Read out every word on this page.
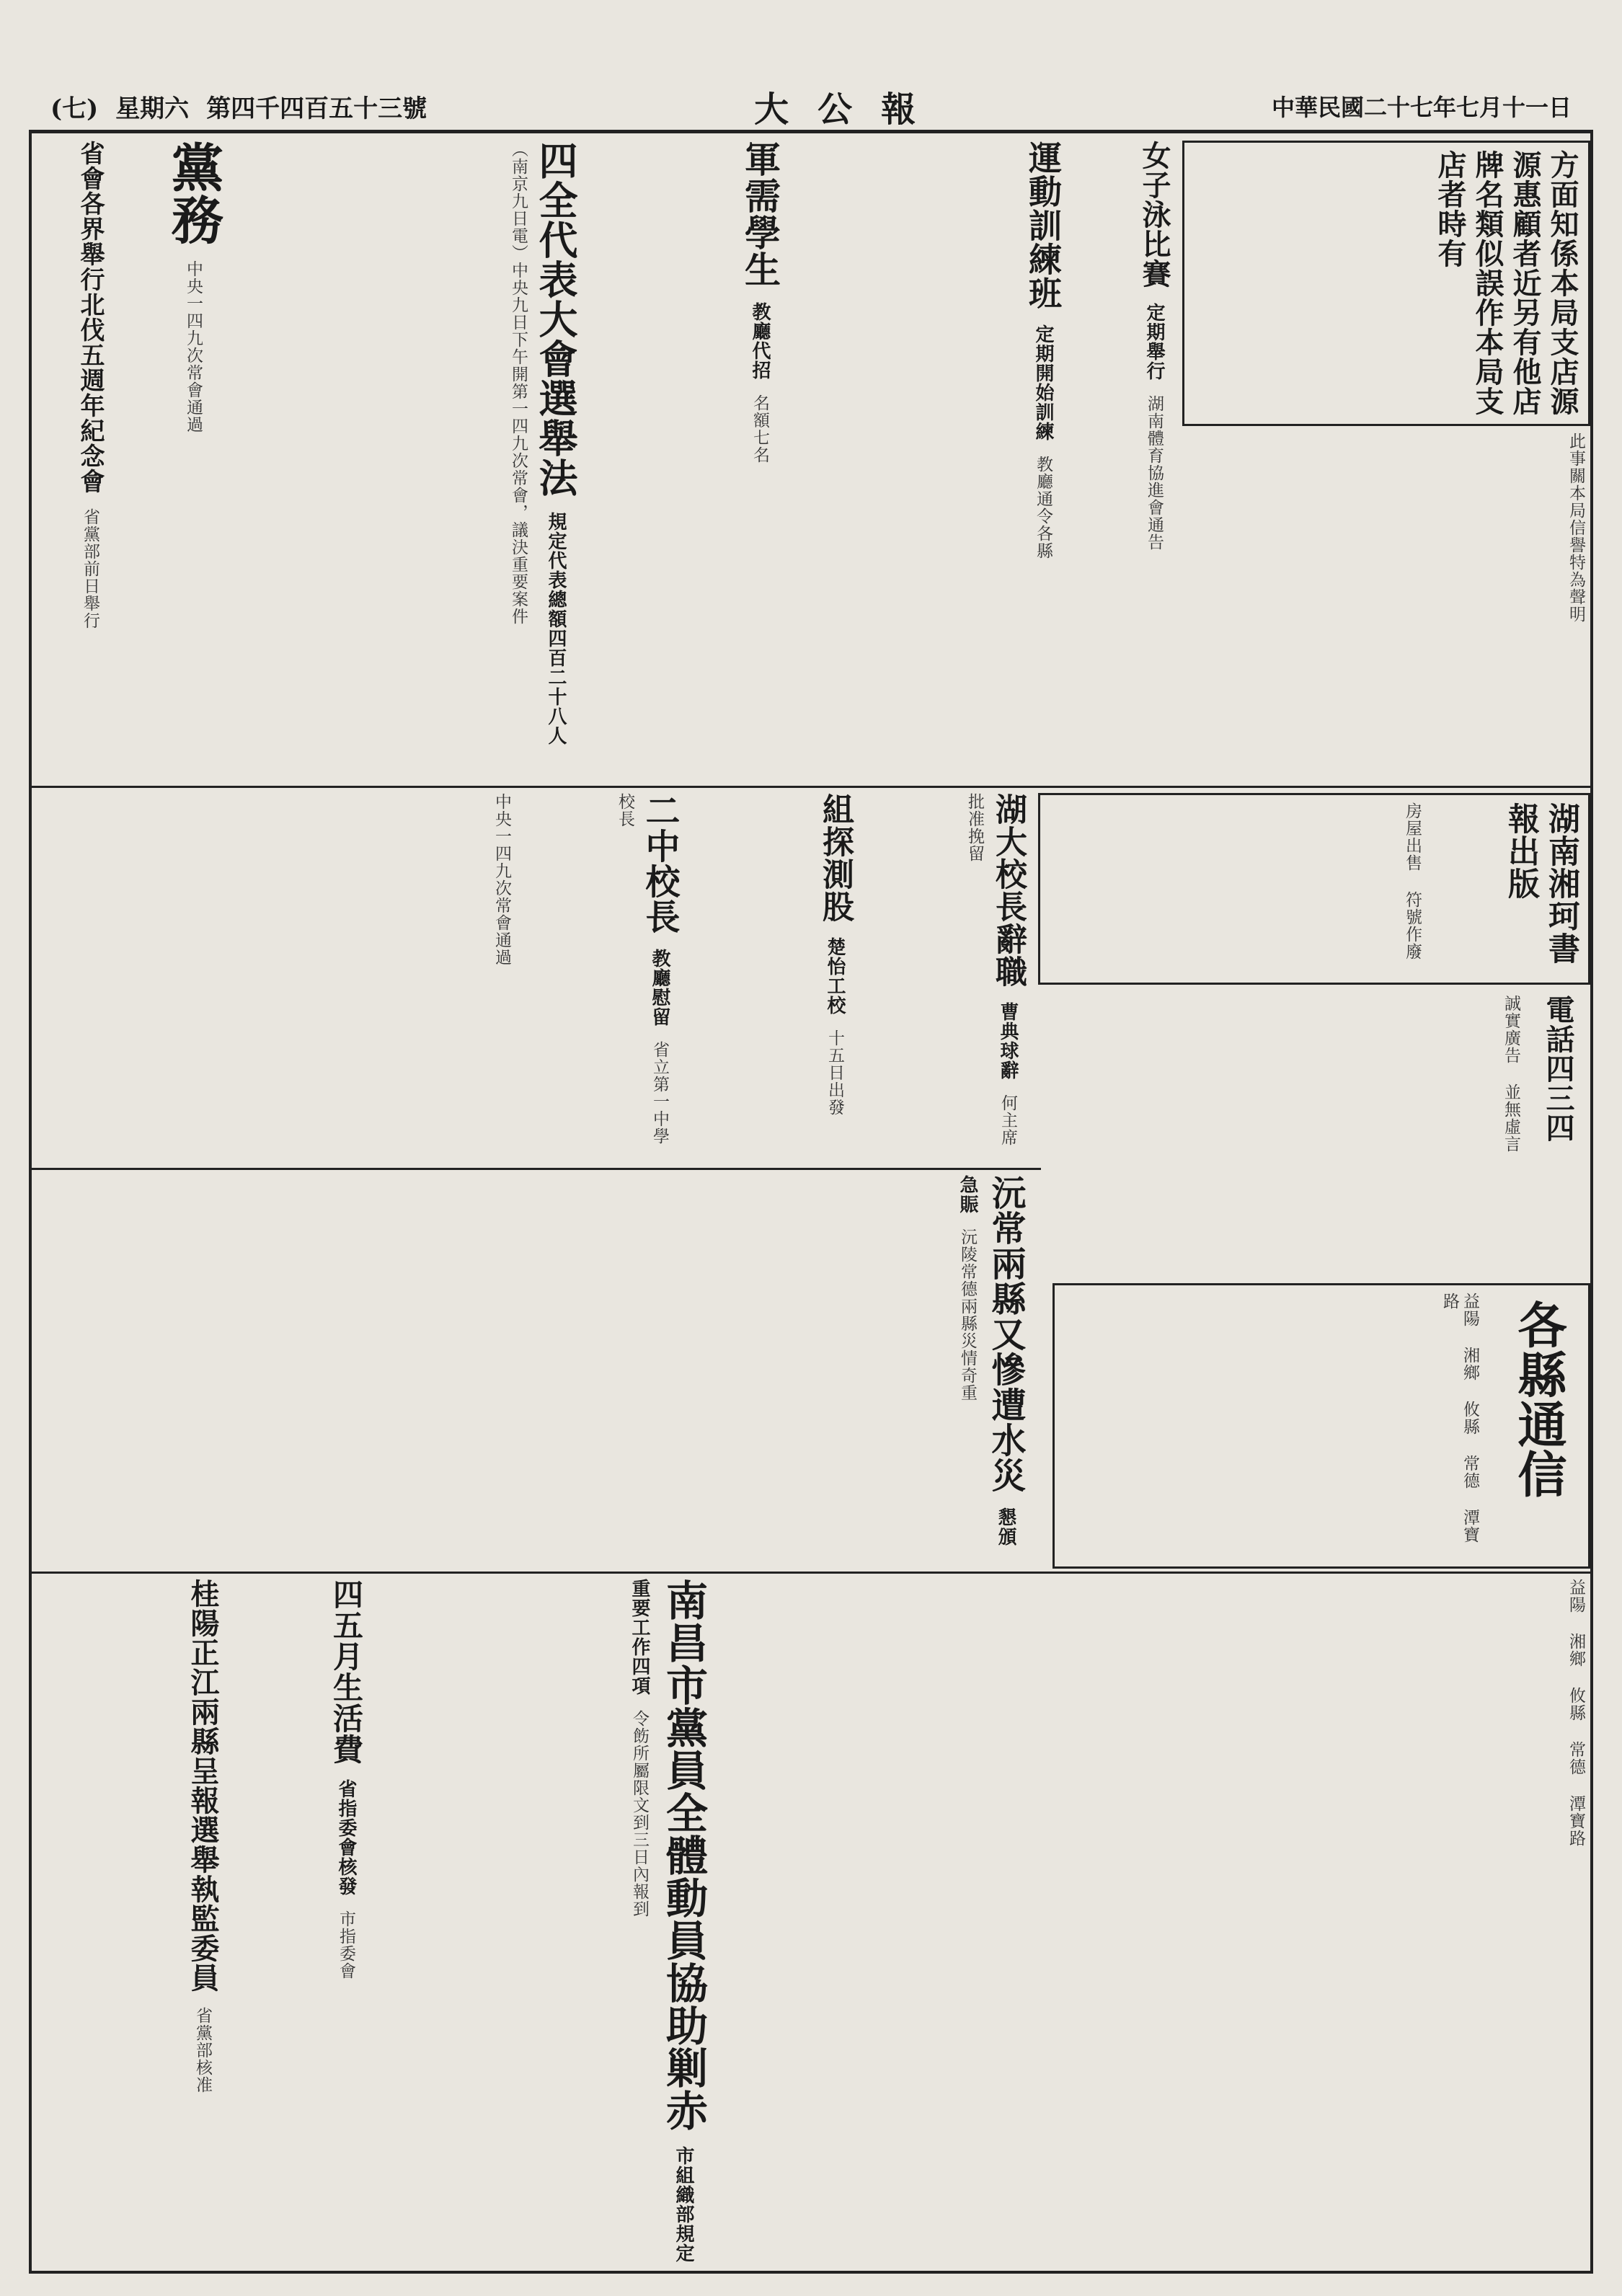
(七) 星期六 第四千四百五十三號	大公報	中華民國二十七年七月十一日
方面知係本局支店源源惠顧者近另有他店牌名類似誤作本局支店者時有
此事關本局信譽特為聲明
湖南湘珂書報出版
房屋出售 符號作廢
電話四三四
誠實廣告 並無虛言
女子泳比賽 定期舉行 湖南體育協進會通告
運動訓練班 定期開始訓練 教廳通令各縣
軍需學生 教廳代招 名額七名
四全代表大會選舉法 規定代表總額四百二十八人 （南京九日電）中央九日下午開第一四九次常會，議決重要案件
黨務 中央一四九次常會通過
省會各界舉行北伐五週年紀念會 省黨部前日舉行
湖大校長辭職 曹典球辭 何主席批准挽留
組探測股 楚怡工校 十五日出發
二中校長 教廳慰留 省立第一中學校長
沅常兩縣又慘遭水災 懇頒急賑 沅陵常德兩縣災情奇重
中央一四九次常會通過
各縣通信
益陽 湘鄉 攸縣 常德 潭寶路
南昌市黨員全體動員協助剿赤 市組織部規定重要工作四項 令飭所屬限文到三日內報到
四五月生活費 省指委會核發 市指委會
桂陽正江兩縣呈報選舉執監委員 省黨部核准
益陽 湘鄉 攸縣 常德 潭寶路
